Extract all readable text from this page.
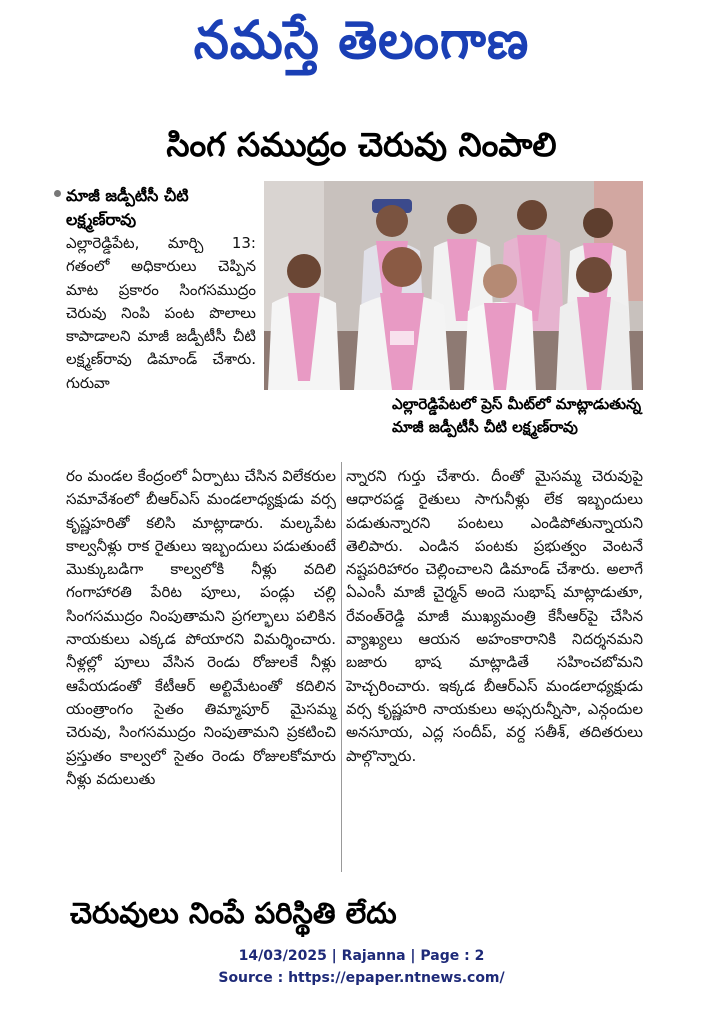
నమస్తే తెలంగాణ
సింగ సముద్రం చెరువు నింపాలి
మాజీ జడ్పీటీసీ చీటి లక్ష్మణ్‌రావు
ఎల్లారెడ్డిపేటలో ప్రెస్ మీట్‌లో మాట్లాడుతున్న మాజీ జడ్పీటీసీ చీటి లక్ష్మణ్‌రావు

ఎల్లారెడ్డిపేట, మార్చి 13: గతంలో అధికారులు చెప్పిన మాట ప్రకారం సింగసముద్రం చెరువు నింపి పంట పొలాలు కాపాడాలని మాజీ జడ్పీటీసీ చీటి లక్ష్మణ్‌రావు డిమాండ్ చేశారు. గురువా

రం మండల కేంద్రంలో ఏర్పాటు చేసిన విలేకరుల సమావేశంలో బీఆర్ఎస్ మండలాధ్యక్షుడు వర్స కృష్ణహరితో కలిసి మాట్లాడారు. మల్కపేట కాల్వనీళ్లు రాక రైతులు ఇబ్బందులు పడుతుంటే మొక్కుబడిగా కాల్వలోకి నీళ్లు వదిలి గంగాహారతి పేరిట పూలు, పండ్లు చల్లి సింగసముద్రం నింపుతామని ప్రగల్భాలు పలికిన నాయకులు ఎక్కడ పోయారని విమర్శించారు. నీళ్లల్లో పూలు వేసిన రెండు రోజులకే నీళ్లు ఆపేయడంతో కేటీఆర్ అల్టిమేటంతో కదిలిన యంత్రాంగం సైతం తిమ్మాపూర్ మైసమ్మ చెరువు, సింగసముద్రం నింపుతామని ప్రకటించి ప్రస్తుతం కాల్వలో సైతం రెండు రోజులకోమారు నీళ్లు వదులుతు

న్నారని గుర్తు చేశారు. దీంతో మైసమ్మ చెరువుపై ఆధారపడ్డ రైతులు సాగునీళ్లు లేక ఇబ్బందులు పడుతున్నారని పంటలు ఎండిపోతున్నాయని తెలిపారు. ఎండిన పంటకు ప్రభుత్వం వెంటనే నష్టపరిహారం చెల్లించాలని డిమాండ్ చేశారు. అలాగే ఏఎంసీ మాజీ చైర్మన్ అందె సుభాష్ మాట్లాడుతూ, రేవంత్‌రెడ్డి మాజీ ముఖ్యమంత్రి కేసీఆర్‌పై చేసిన వ్యాఖ్యలు ఆయన అహంకారానికి నిదర్శనమని బజారు భాష మాట్లాడితే సహించబోమని హెచ్చరించారు. ఇక్కడ బీఆర్ఎస్ మండలాధ్యక్షుడు వర్స కృష్ణహరి నాయకులు అఫ్సరున్నీసా, ఎన్గందుల అనసూయ, ఎద్ల సందీప్, వర్ద సతీశ్, తదితరులు పాల్గొన్నారు.

చెరువులు నింపే పరిస్థితి లేదు
14/03/2025 | Rajanna | Page : 2
Source : https://epaper.ntnews.com/
